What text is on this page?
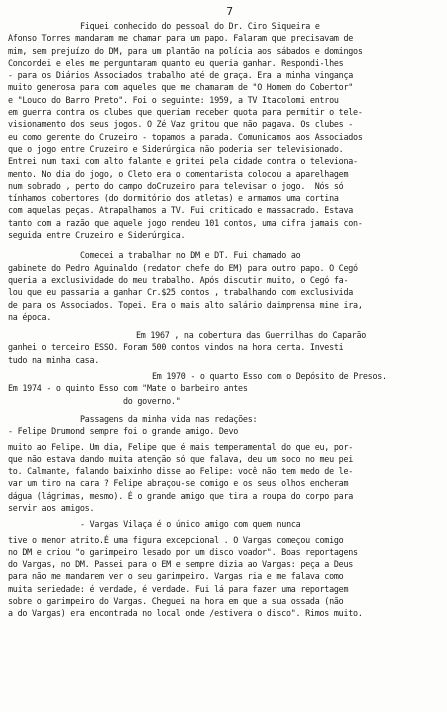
7
Fiquei conhecido do pessoal do Dr. Ciro Siqueira e
Afonso Torres mandaram me chamar para um papo. Falaram que precisavam de
mim, sem prejuízo do DM, para um plantão na polícia aos sábados e domingos
Concordei e eles me perguntaram quanto eu queria ganhar. Respondi-lhes
- para os Diários Associados trabalho até de graça. Era a minha vingança
muito generosa para com aqueles que me chamaram de "O Homem do Cobertor"
e "Louco do Barro Preto". Foi o seguinte: 1959, a TV Itacolomi entrou
em guerra contra os clubes que queriam receber quota para permitir o tele-
visionamento dos seus jogos. O Zé Vaz gritou que não pagava. Os clubes -
eu como gerente do Cruzeiro - topamos a parada. Comunicamos aos Associados
que o jogo entre Cruzeiro e Siderúrgica não poderia ser televisionado.
Entrei num taxi com alto falante e gritei pela cidade contra o televiona-
mento. No dia do jogo, o Cleto era o comentarista colocou a aparelhagem
num sobrado , perto do campo doCruzeiro para televisar o jogo.  Nós só
tínhamos cobertores (do dormitório dos atletas) e armamos uma cortina
com aquelas peças. Atrapalhamos a TV. Fui criticado e massacrado. Estava
tanto com a razão que aquele jogo rendeu 101 contos, uma cifra jamais con-
seguida entre Cruzeiro e Siderúrgica.
Comecei a trabalhar no DM e DT. Fui chamado ao
gabinete do Pedro Aguinaldo (redator chefe do EM) para outro papo. O Cegó
queria a exclusividade do meu trabalho. Após discutir muito, o Cegó fa-
lou que eu passaria a ganhar Cr.$25 contos , trabalhando com exclusivida
de para os Associados. Topei. Era o mais alto salário daimprensa mine ira,
na época.
Em 1967 , na cobertura das Guerrilhas do Caparão
ganhei o terceiro ESSO. Foram 500 contos vindos na hora certa. Investi
tudo na minha casa.
Em 1970 - o quarto Esso com o Depósito de Presos.
Em 1974 - o quinto Esso com "Mate o barbeiro antes
do governo."
Passagens da minha vida nas redações:
- Felipe Drumond sempre foi o grande amigo. Devo
muito ao Felipe. Um dia, Felipe que é mais temperamental do que eu, por-
que não estava dando muita atenção só que falava, deu um soco no meu pei
to. Calmante, falando baixinho disse ao Felipe: você não tem medo de le-
var um tiro na cara ? Felipe abraçou-se comigo e os seus olhos encheram
dágua (lágrimas, mesmo). É o grande amigo que tira a roupa do corpo para
servir aos amigos.
- Vargas Vilaça é o único amigo com quem nunca
tive o menor atrito.É uma figura excepcional . O Vargas começou comigo
no DM e criou "o garimpeiro lesado por um disco voador". Boas reportagens
do Vargas, no DM. Passei para o EM e sempre dizia ao Vargas: peça a Deus
para não me mandarem ver o seu garimpeiro. Vargas ria e me falava como
muita seriedade: é verdade, é verdade. Fui lá para fazer uma reportagem
sobre o garimpeiro do Vargas. Cheguei na hora em que a sua ossada (não
a do Vargas) era encontrada no local onde /estivera o disco". Rimos muito.
